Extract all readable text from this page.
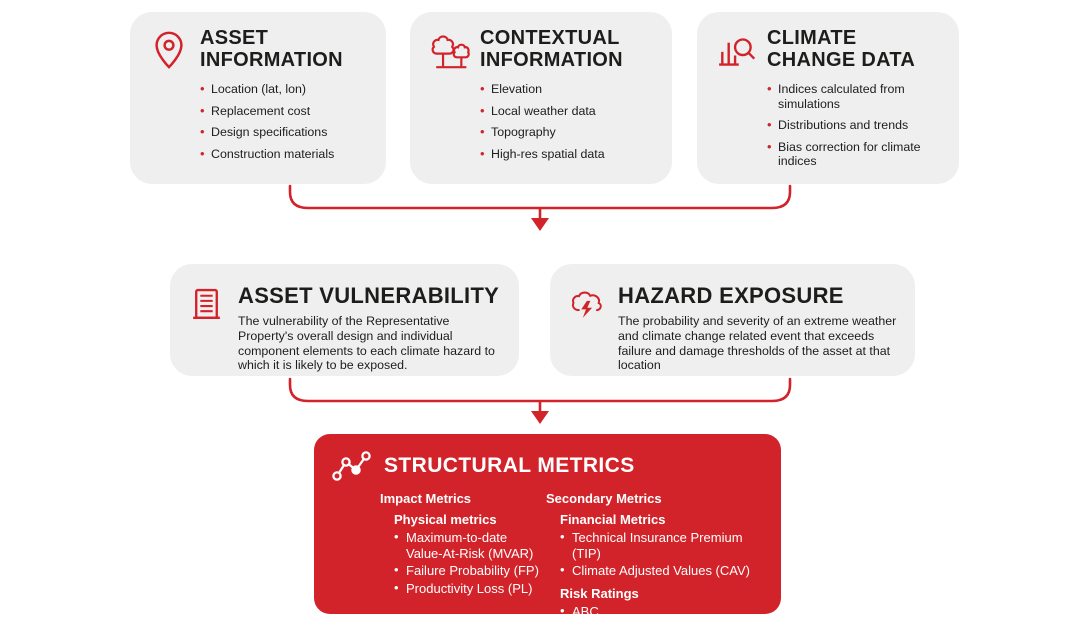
ASSET INFORMATION
• Location (lat, lon)
• Replacement cost
• Design specifications
• Construction materials
CONTEXTUAL INFORMATION
• Elevation
• Local weather data
• Topography
• High-res spatial data
CLIMATE CHANGE DATA
• Indices calculated from simulations
• Distributions and trends
• Bias correction for climate indices
ASSET VULNERABILITY

The vulnerability of the Representative Property's overall design and individual component elements to each climate hazard to which it is likely to be exposed.

HAZARD EXPOSURE

The probability and severity of an extreme weather and climate change related event that exceeds failure and damage thresholds of the asset at that location

STRUCTURAL METRICS
Impact Metrics
Physical metrics
• Maximum-to-date Value-At-Risk (MVAR)
• Failure Probability (FP)
• Productivity Loss (PL)
Secondary Metrics
Financial Metrics
• Technical Insurance Premium (TIP)
• Climate Adjusted Values (CAV)
Risk Ratings
• ABC
